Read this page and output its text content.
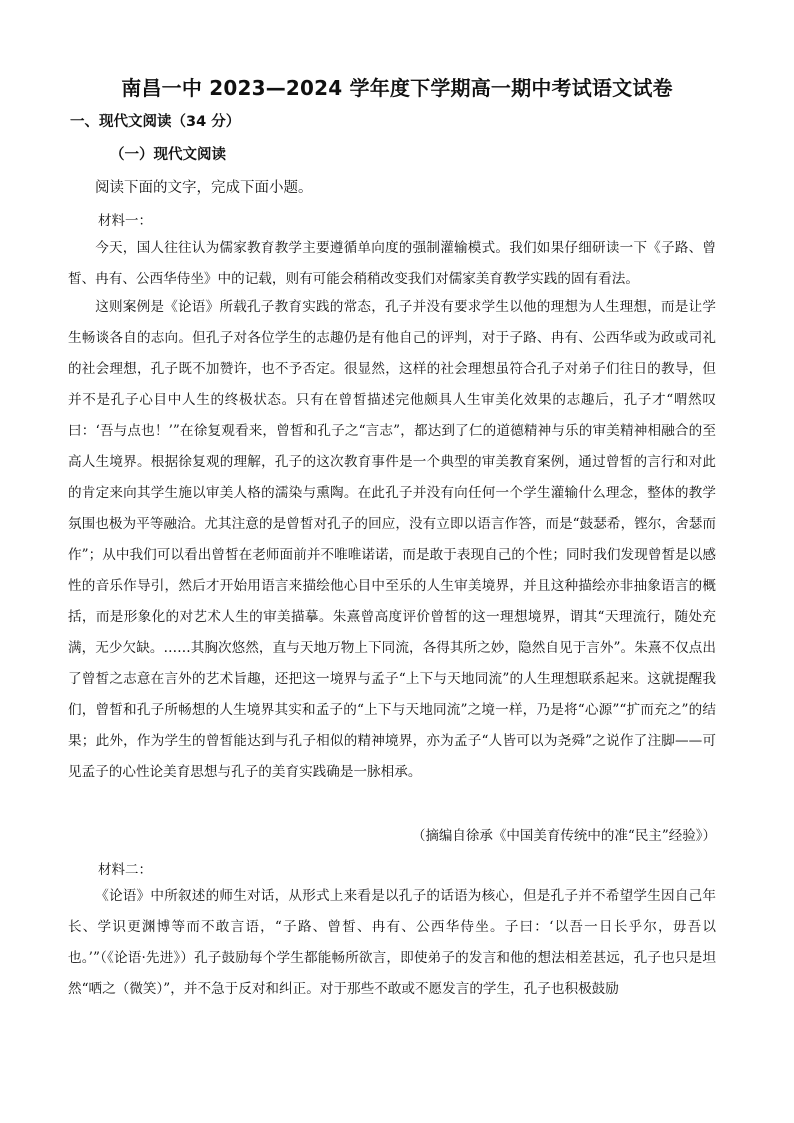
南昌一中 2023—2024 学年度下学期高一期中考试语文试卷
一、现代文阅读（34 分）
（一）现代文阅读
阅读下面的文字，完成下面小题。
材料一：

今天，国人往往认为儒家教育教学主要遵循单向度的强制灌输模式。我们如果仔细研读一下《子路、曾皙、冉有、公西华侍坐》中的记载，则有可能会稍稍改变我们对儒家美育教学实践的固有看法。

这则案例是《论语》所载孔子教育实践的常态，孔子并没有要求学生以他的理想为人生理想，而是让学生畅谈各自的志向。但孔子对各位学生的志趣仍是有他自己的评判，对于子路、冉有、公西华或为政或司礼的社会理想，孔子既不加赞许，也不予否定。很显然，这样的社会理想虽符合孔子对弟子们往日的教导，但并不是孔子心目中人生的终极状态。只有在曾皙描述完他颇具人生审美化效果的志趣后，孔子才“喟然叹曰：‘吾与点也！’”在徐复观看来，曾皙和孔子之“言志”，都达到了仁的道德精神与乐的审美精神相融合的至高人生境界。根据徐复观的理解，孔子的这次教育事件是一个典型的审美教育案例，通过曾皙的言行和对此的肯定来向其学生施以审美人格的濡染与熏陶。在此孔子并没有向任何一个学生灌输什么理念，整体的教学氛围也极为平等融洽。尤其注意的是曾皙对孔子的回应，没有立即以语言作答，而是“鼓瑟希，铿尔，舍瑟而作”；从中我们可以看出曾皙在老师面前并不唯唯诺诺，而是敢于表现自己的个性；同时我们发现曾皙是以感性的音乐作导引，然后才开始用语言来描绘他心目中至乐的人生审美境界，并且这种描绘亦非抽象语言的概括，而是形象化的对艺术人生的审美描摹。朱熹曾高度评价曾皙的这一理想境界，谓其“天理流行，随处充满，无少欠缺。……其胸次悠然，直与天地万物上下同流，各得其所之妙，隐然自见于言外”。朱熹不仅点出了曾皙之志意在言外的艺术旨趣，还把这一境界与孟子“上下与天地同流”的人生理想联系起来。这就提醒我们，曾皙和孔子所畅想的人生境界其实和孟子的“上下与天地同流”之境一样，乃是将“心源”“扩而充之”的结果；此外，作为学生的曾皙能达到与孔子相似的精神境界，亦为孟子“人皆可以为尧舜”之说作了注脚——可见孟子的心性论美育思想与孔子的美育实践确是一脉相承。

（摘编自徐承《中国美育传统中的准“民主”经验》）
材料二：

《论语》中所叙述的师生对话，从形式上来看是以孔子的话语为核心，但是孔子并不希望学生因自己年长、学识更渊博等而不敢言语，“子路、曾皙、冉有、公西华侍坐。子曰：‘以吾一日长乎尔，毋吾以也。’”（《论语·先进》）孔子鼓励每个学生都能畅所欲言，即使弟子的发言和他的想法相差甚远，孔子也只是坦然“哂之（微笑）”，并不急于反对和纠正。对于那些不敢或不愿发言的学生，孔子也积极鼓励
